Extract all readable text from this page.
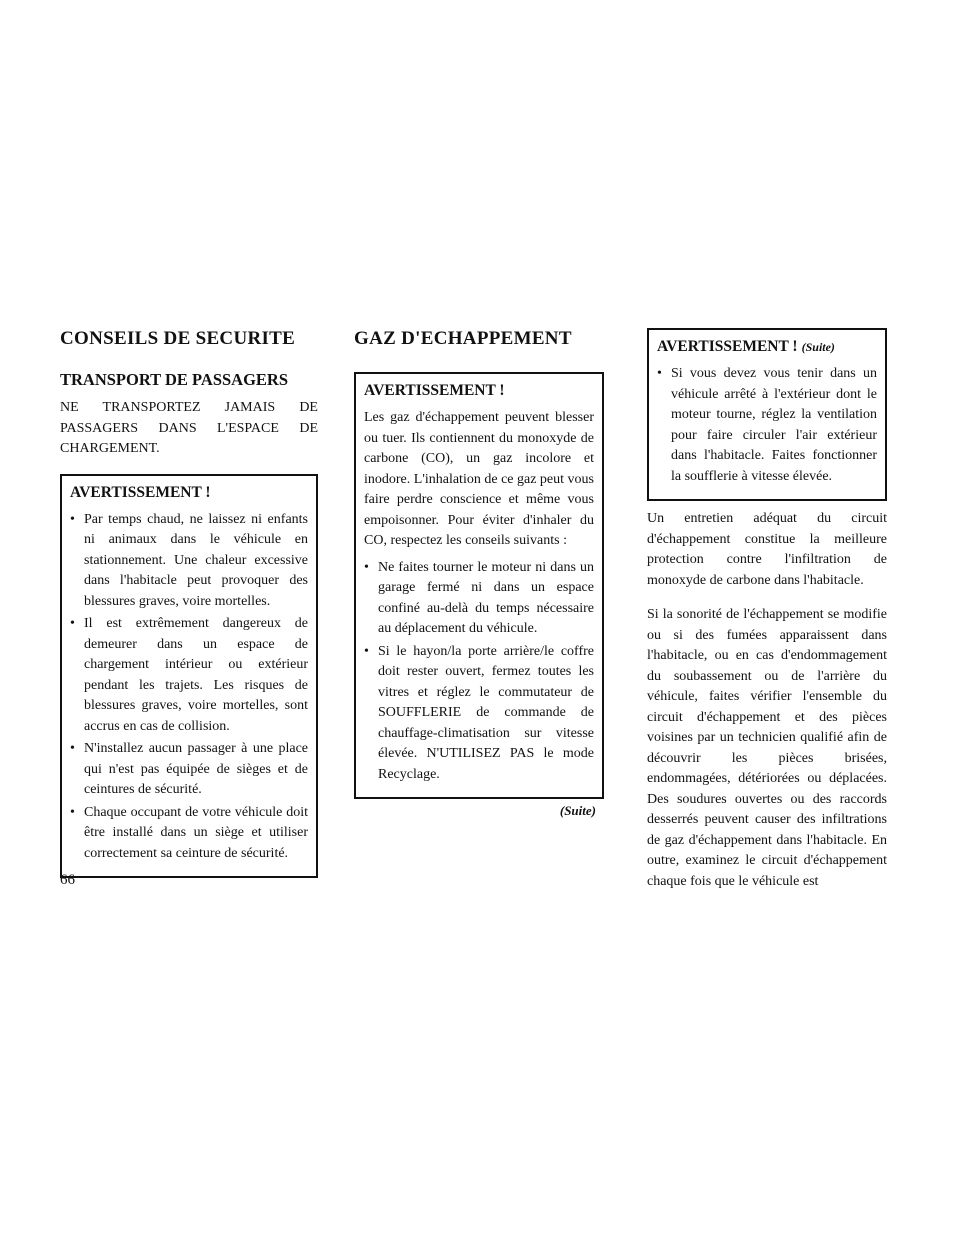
CONSEILS DE SECURITE
TRANSPORT DE PASSAGERS
NE TRANSPORTEZ JAMAIS DE PASSAGERS DANS L'ESPACE DE CHARGEMENT.
AVERTISSEMENT !
• Par temps chaud, ne laissez ni enfants ni animaux dans le véhicule en stationnement. Une chaleur excessive dans l'habitacle peut provoquer des blessures graves, voire mortelles.
• Il est extrêmement dangereux de demeurer dans un espace de chargement intérieur ou extérieur pendant les trajets. Les risques de blessures graves, voire mortelles, sont accrus en cas de collision.
• N'installez aucun passager à une place qui n'est pas équipée de sièges et de ceintures de sécurité.
• Chaque occupant de votre véhicule doit être installé dans un siège et utiliser correctement sa ceinture de sécurité.
GAZ D'ECHAPPEMENT
AVERTISSEMENT !
Les gaz d'échappement peuvent blesser ou tuer. Ils contiennent du monoxyde de carbone (CO), un gaz incolore et inodore. L'inhalation de ce gaz peut vous faire perdre conscience et même vous empoisonner. Pour éviter d'inhaler du CO, respectez les conseils suivants :
• Ne faites tourner le moteur ni dans un garage fermé ni dans un espace confiné au-delà du temps nécessaire au déplacement du véhicule.
• Si le hayon/la porte arrière/le coffre doit rester ouvert, fermez toutes les vitres et réglez le commutateur de SOUFFLERIE de commande de chauffage-climatisation sur vitesse élevée. N'UTILISEZ PAS le mode Recyclage.
(Suite)
AVERTISSEMENT ! (Suite)
• Si vous devez vous tenir dans un véhicule arrêté à l'extérieur dont le moteur tourne, réglez la ventilation pour faire circuler l'air extérieur dans l'habitacle. Faites fonctionner la soufflerie à vitesse élevée.
Un entretien adéquat du circuit d'échappement constitue la meilleure protection contre l'infiltration de monoxyde de carbone dans l'habitacle.
Si la sonorité de l'échappement se modifie ou si des fumées apparaissent dans l'habitacle, ou en cas d'endommagement du soubassement ou de l'arrière du véhicule, faites vérifier l'ensemble du circuit d'échappement et des pièces voisines par un technicien qualifié afin de découvrir les pièces brisées, endommagées, détériorées ou déplacées. Des soudures ouvertes ou des raccords desserrés peuvent causer des infiltrations de gaz d'échappement dans l'habitacle. En outre, examinez le circuit d'échappement chaque fois que le véhicule est
66
